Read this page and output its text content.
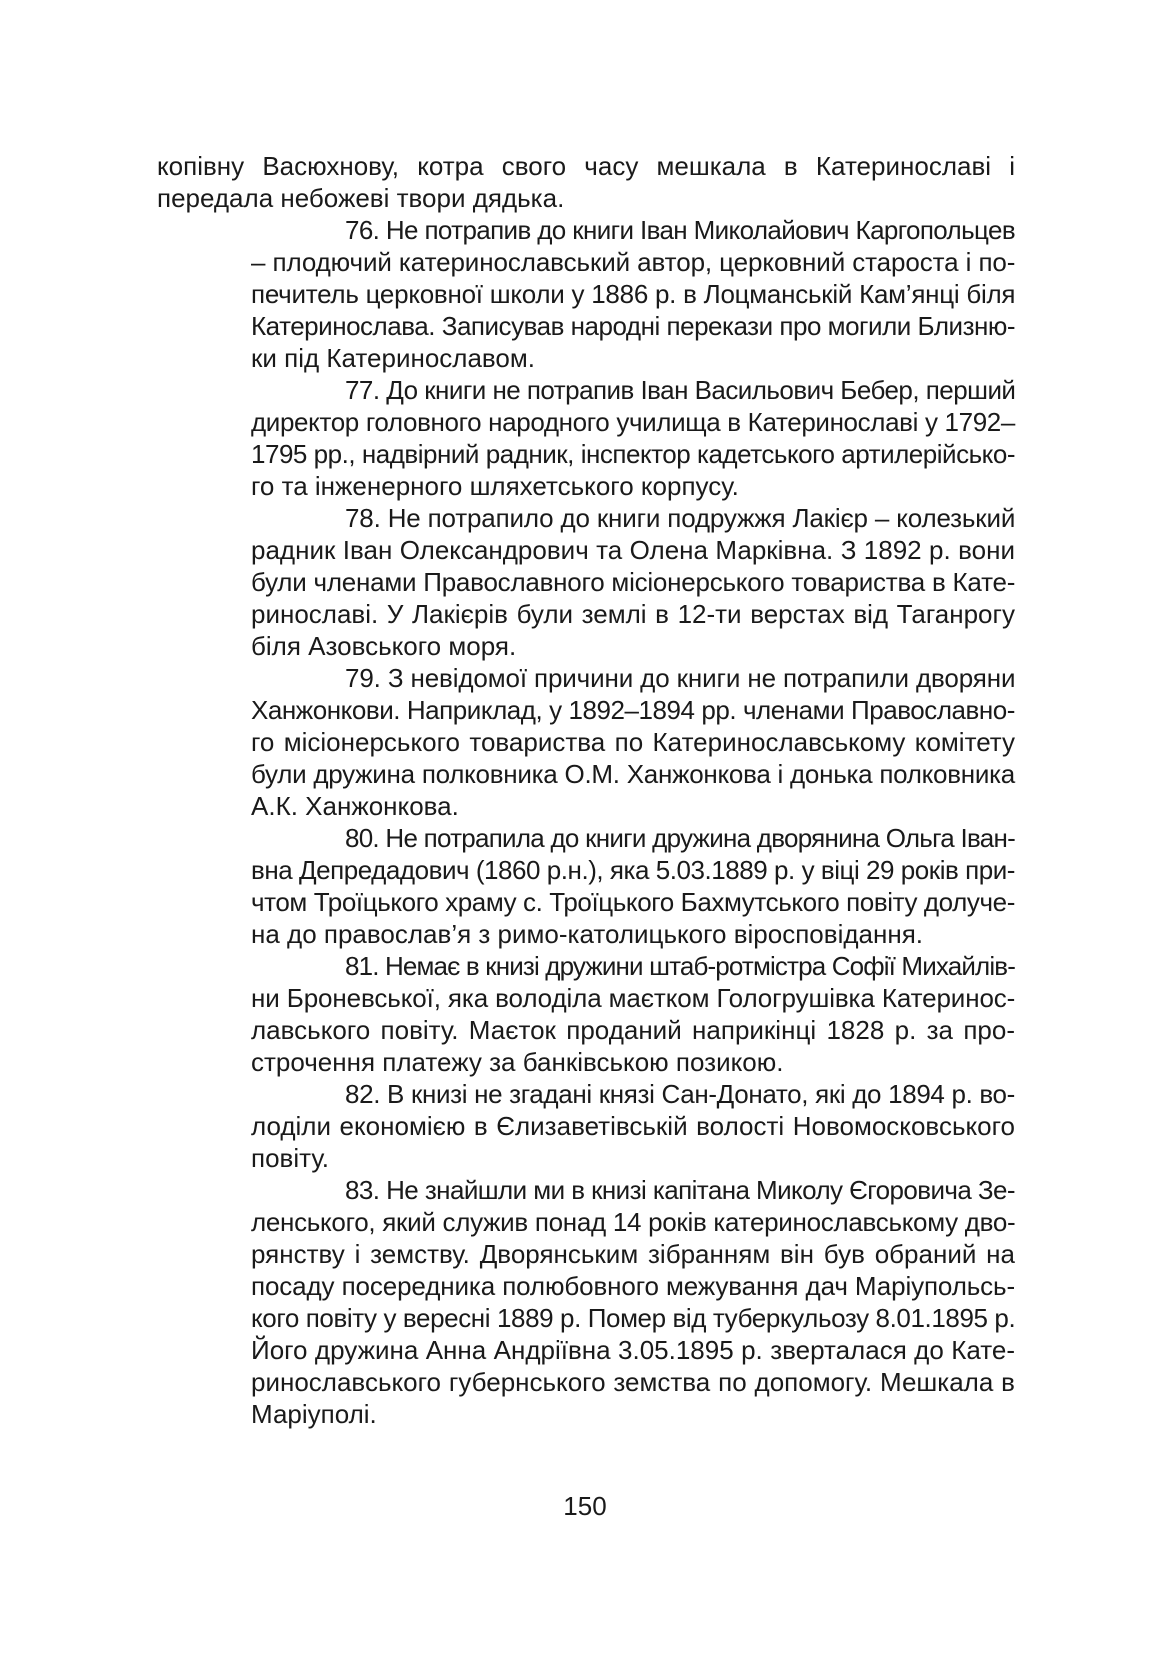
копівну Васюхнову, котра свого часу мешкала в Катеринославі і
передала небожеві твори дядька.
76. Не потрапив до книги Іван Миколайович Каргопольцев
– плодючий катеринославський автор, церковний староста і по-
печитель церковної школи у 1886 р. в Лоцманській Кам’янці біля
Катеринослава. Записував народні перекази про могили Близню-
ки під Катеринославом.
77. До книги не потрапив Іван Васильович Бебер, перший
директор головного народного училища в Катеринославі у 1792–
1795 рр., надвірний радник, інспектор кадетського артилерійсько-
го та інженерного шляхетського корпусу.
78. Не потрапило до книги подружжя Лакієр – колезький
радник Іван Олександрович та Олена Марківна. З 1892 р. вони
були членами Православного місіонерського товариства в Кате-
ринославі. У Лакієрів були землі в 12-ти верстах від Таганрогу
біля Азовського моря.
79. З невідомої причини до книги не потрапили дворяни
Ханжонкови. Наприклад, у 1892–1894 рр. членами Православно-
го місіонерського товариства по Катеринославському комітету
були дружина полковника О.М. Ханжонкова і донька полковника
А.К. Ханжонкова.
80. Не потрапила до книги дружина дворянина Ольга Іван-
вна Депредадович (1860 р.н.), яка 5.03.1889 р. у віці 29 років при-
чтом Троїцького храму с. Троїцького Бахмутського повіту долуче-
на до православ’я з римо-католицького віросповідання.
81. Немає в книзі дружини штаб-ротмістра Софії Михайлів-
ни Броневської, яка володіла маєтком Гологрушівка Катеринос-
лавського повіту. Маєток проданий наприкінці 1828 р. за про-
строчення платежу за банківською позикою.
82. В книзі не згадані князі Сан-Донато, які до 1894 р. во-
лоділи економією в Єлизаветівській волості Новомосковського
повіту.
83. Не знайшли ми в книзі капітана Миколу Єгоровича Зе-
ленського, який служив понад 14 років катеринославському дво-
рянству і земству. Дворянським зібранням він був обраний на
посаду посередника полюбовного межування дач Маріупольсь-
кого повіту у вересні 1889 р. Помер від туберкульозу 8.01.1895 р.
Його дружина Анна Андріївна 3.05.1895 р. зверталася до Кате-
ринославського губернського земства по допомогу. Мешкала в
Маріуполі.
150
